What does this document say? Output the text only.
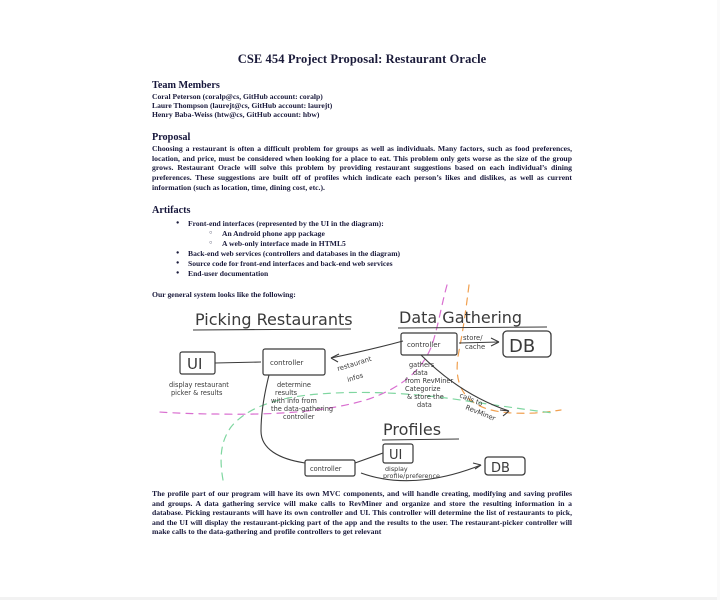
CSE 454 Project Proposal: Restaurant Oracle
Team Members
Coral Peterson (coralp@cs, GitHub account: coralp)
Laure Thompson (laurejt@cs, GitHub account: laurejt)
Henry Baba-Weiss (htw@cs, GitHub account: hbw)
Proposal
Choosing a restaurant is often a difficult problem for groups as well as individuals. Many factors, such as food preferences, location, and price, must be considered when looking for a place to eat. This problem only gets worse as the size of the group grows. Restaurant Oracle will solve this problem by providing restaurant suggestions based on each individual’s dining preferences. These suggestions are built off of profiles which indicate each person’s likes and dislikes, as well as current information (such as location, time, dining cost, etc.).
Artifacts
● Front-end interfaces (represented by the UI in the diagram):
○ An Android phone app package
○ A web-only interface made in HTML5
● Back-end web services (controllers and databases in the diagram)
● Source code for front-end interfaces and back-end web services
● End-user documentation
Our general system looks like the following:
Picking Restaurants
UI
display restaurant
picker & results
controller
determine
results
with info from
the data-gathering
controller
restaurant
infos
Data Gathering
controller
gathers
data
from RevMiner
Categorize
& store the
data
DB
store/
cache
calls to
RevMiner
Profiles
UI
controller	display
profile/preference	DB
The profile part of our program will have its own MVC components, and will handle creating, modifying and saving profiles and groups. A data gathering service will make calls to RevMiner and organize and store the resulting information in a database. Picking restaurants will have its own controller and UI. This controller will determine the list of restaurants to pick, and the UI will display the restaurant-picking part of the app and the results to the user. The restaurant-picker controller will make calls to the data-gathering and profile controllers to get relevant
